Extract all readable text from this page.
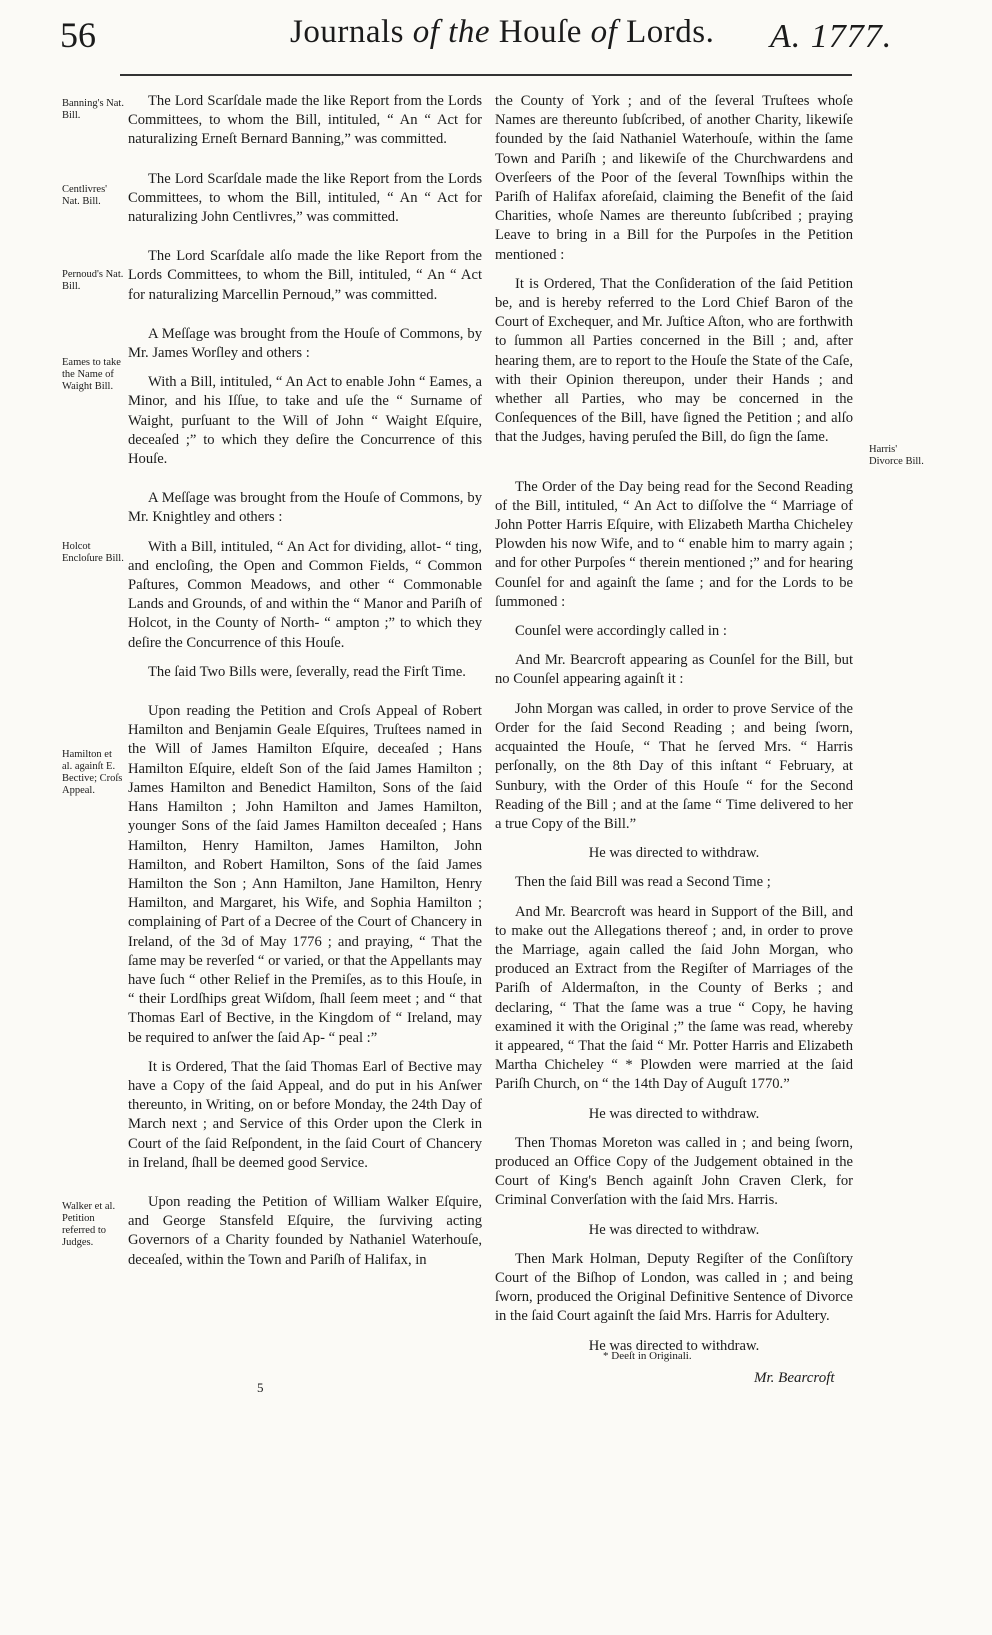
56	Journals of the Houſe of Lords. A. 1777.
Banning's Nat. Bill.
Centlivres' Nat. Bill.
Pernoud's Nat. Bill.
Eames to take the Name of Waight Bill.
Holcot Encloſure Bill.
Hamilton et al. againſt E. Bective; Croſs Appeal.
Walker et al. Petition referred to Judges.
Harris' Divorce Bill.

The Lord Scarſdale made the like Report from the Lords Committees, to whom the Bill, intituled, “ An “ Act for naturalizing Erneſt Bernard Banning,” was committed.

The Lord Scarſdale made the like Report from the Lords Committees, to whom the Bill, intituled, “ An “ Act for naturalizing John Centlivres,” was committed.

The Lord Scarſdale alſo made the like Report from the Lords Committees, to whom the Bill, intituled, “ An “ Act for naturalizing Marcellin Pernoud,” was committed.

A Meſſage was brought from the Houſe of Commons, by Mr. James Worſley and others :

With a Bill, intituled, “ An Act to enable John “ Eames, a Minor, and his Iſſue, to take and uſe the “ Surname of Waight, purſuant to the Will of John “ Waight Eſquire, deceaſed ;” to which they deſire the Concurrence of this Houſe.

A Meſſage was brought from the Houſe of Commons, by Mr. Knightley and others :

With a Bill, intituled, “ An Act for dividing, allot- “ ting, and encloſing, the Open and Common Fields, “ Common Paſtures, Common Meadows, and other “ Commonable Lands and Grounds, of and within the “ Manor and Pariſh of Holcot, in the County of North- “ ampton ;” to which they deſire the Concurrence of this Houſe.

The ſaid Two Bills were, ſeverally, read the Firſt Time.

Upon reading the Petition and Croſs Appeal of Robert Hamilton and Benjamin Geale Eſquires, Truſtees named in the Will of James Hamilton Eſquire, deceaſed ; Hans Hamilton Eſquire, eldeſt Son of the ſaid James Hamilton ; James Hamilton and Benedict Hamilton, Sons of the ſaid Hans Hamilton ; John Hamilton and James Hamilton, younger Sons of the ſaid James Hamilton deceaſed ; Hans Hamilton, Henry Hamilton, James Hamilton, John Hamilton, and Robert Hamilton, Sons of the ſaid James Hamilton the Son ; Ann Hamilton, Jane Hamilton, Henry Hamilton, and Margaret, his Wife, and Sophia Hamilton ; complaining of Part of a Decree of the Court of Chancery in Ireland, of the 3d of May 1776 ; and praying, “ That the ſame may be reverſed “ or varied, or that the Appellants may have ſuch “ other Relief in the Premiſes, as to this Houſe, in “ their Lordſhips great Wiſdom, ſhall ſeem meet ; and “ that Thomas Earl of Bective, in the Kingdom of “ Ireland, may be required to anſwer the ſaid Ap- “ peal :”

It is Ordered, That the ſaid Thomas Earl of Bective may have a Copy of the ſaid Appeal, and do put in his Anſwer thereunto, in Writing, on or before Monday, the 24th Day of March next ; and Service of this Order upon the Clerk in Court of the ſaid Reſpondent, in the ſaid Court of Chancery in Ireland, ſhall be deemed good Service.

Upon reading the Petition of William Walker Eſquire, and George Stansfeld Eſquire, the ſurviving acting Governors of a Charity founded by Nathaniel Waterhouſe, deceaſed, within the Town and Pariſh of Halifax, in

the County of York ; and of the ſeveral Truſtees whoſe Names are thereunto ſubſcribed, of another Charity, likewiſe founded by the ſaid Nathaniel Waterhouſe, within the ſame Town and Pariſh ; and likewiſe of the Churchwardens and Overſeers of the Poor of the ſeveral Townſhips within the Pariſh of Halifax aforeſaid, claiming the Benefit of the ſaid Charities, whoſe Names are thereunto ſubſcribed ; praying Leave to bring in a Bill for the Purpoſes in the Petition mentioned :

It is Ordered, That the Conſideration of the ſaid Petition be, and is hereby referred to the Lord Chief Baron of the Court of Exchequer, and Mr. Juſtice Aſton, who are forthwith to ſummon all Parties concerned in the Bill ; and, after hearing them, are to report to the Houſe the State of the Caſe, with their Opinion thereupon, under their Hands ; and whether all Parties, who may be concerned in the Conſequences of the Bill, have ſigned the Petition ; and alſo that the Judges, having peruſed the Bill, do ſign the ſame.

The Order of the Day being read for the Second Reading of the Bill, intituled, “ An Act to diſſolve the “ Marriage of John Potter Harris Eſquire, with Elizabeth Martha Chicheley Plowden his now Wife, and to “ enable him to marry again ; and for other Purpoſes “ therein mentioned ;” and for hearing Counſel for and againſt the ſame ; and for the Lords to be ſummoned :

Counſel were accordingly called in :

And Mr. Bearcroft appearing as Counſel for the Bill, but no Counſel appearing againſt it :

John Morgan was called, in order to prove Service of the Order for the ſaid Second Reading ; and being ſworn, acquainted the Houſe, “ That he ſerved Mrs. “ Harris perſonally, on the 8th Day of this inſtant “ February, at Sunbury, with the Order of this Houſe “ for the Second Reading of the Bill ; and at the ſame “ Time delivered to her a true Copy of the Bill.”

He was directed to withdraw.

Then the ſaid Bill was read a Second Time ;

And Mr. Bearcroft was heard in Support of the Bill, and to make out the Allegations thereof ; and, in order to prove the Marriage, again called the ſaid John Morgan, who produced an Extract from the Regiſter of Marriages of the Pariſh of Aldermaſton, in the County of Berks ; and declaring, “ That the ſame was a true “ Copy, he having examined it with the Original ;” the ſame was read, whereby it appeared, “ That the ſaid “ Mr. Potter Harris and Elizabeth Martha Chicheley “ * Plowden were married at the ſaid Pariſh Church, on “ the 14th Day of Auguſt 1770.”

He was directed to withdraw.

Then Thomas Moreton was called in ; and being ſworn, produced an Office Copy of the Judgement obtained in the Court of King's Bench againſt John Craven Clerk, for Criminal Converſation with the ſaid Mrs. Harris.

He was directed to withdraw.

Then Mark Holman, Deputy Regiſter of the Conſiſtory Court of the Biſhop of London, was called in ; and being ſworn, produced the Original Definitive Sentence of Divorce in the ſaid Court againſt the ſaid Mrs. Harris for Adultery.

He was directed to withdraw.

* Deeſt in Originali.
Mr. Bearcroft
5
